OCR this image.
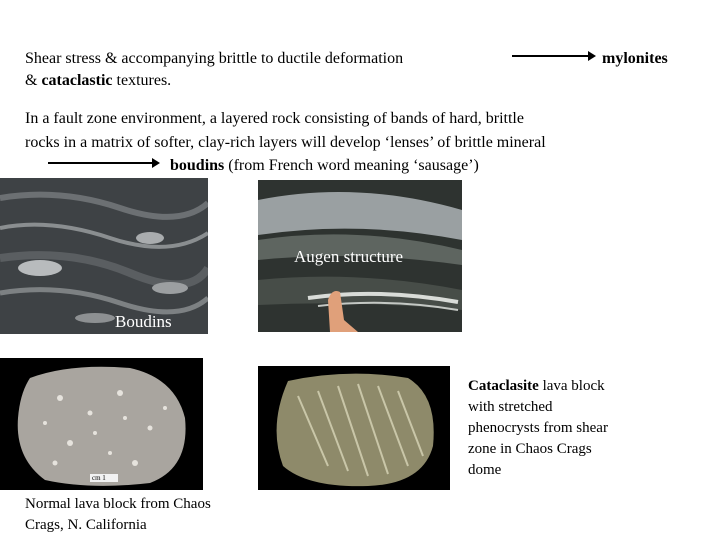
Shear stress & accompanying brittle to ductile deformation
& cataclastic textures.
mylonites
In a fault zone environment, a layered rock consisting of bands of hard, brittle
rocks in a matrix of softer, clay-rich layers will develop ‘lenses’ of brittle mineral
boudins (from French word meaning ‘sausage’)
Boudins
Augen structure
cm 1
Cataclasite lava block
with stretched
phenocrysts from shear
zone in Chaos Crags
dome
Normal lava block from Chaos
Crags, N. California
